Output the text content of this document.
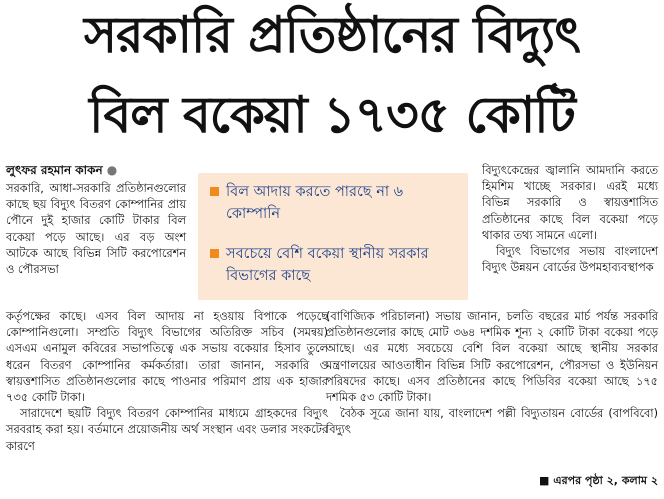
সরকারি প্রতিষ্ঠানের বিদ্যুৎ
বিল বকেয়া ১৭৩৫ কোটি
লুৎফর রহমান কাকন ●

সরকারি, আধা-সরকারি প্রতিষ্ঠানগুলোর কাছে ছয় বিদ্যুৎ বিতরণ কোম্পানির প্রায় পৌনে দুই হাজার কোটি টাকার বিল বকেয়া পড়ে আছে। এর বড় অংশ আটকে আছে বিভিন্ন সিটি করপোরেশন ও পৌরসভা

বিল আদায় করতে পারছে না ৬ কোম্পানি
সবচেয়ে বেশি বকেয়া স্থানীয় সরকার বিভাগের কাছে

বিদ্যুৎকেন্দ্রের জ্বালানি আমদানি করতে হিমশিম খাচ্ছে সরকার। এরই মধ্যে বিভিন্ন সরকারি ও স্বায়ত্তশাসিত প্রতিষ্ঠানের কাছে বিল বকেয়া পড়ে থাকার তথ্য সামনে এলো।

বিদ্যুৎ বিভাগের সভায় বাংলাদেশ বিদ্যুৎ উন্নয়ন বোর্ডের উপমহাব্যবস্থাপক

কর্তৃপক্ষের কাছে। এসব বিল আদায় না হওয়ায় বিপাকে পড়েছে কোম্পানিগুলো। সম্প্রতি বিদ্যুৎ বিভাগের অতিরিক্ত সচিব (সমন্বয়) এসএম এনামুল কবিরের সভাপতিত্বে এক সভায় বকেয়ার হিসাব তুলে ধরেন বিতরণ কোম্পানির কর্মকর্তারা। তারা জানান, সরকারি ও স্বায়ত্তশাসিত প্রতিষ্ঠানগুলোর কাছে পাওনার পরিমাণ প্রায় এক হাজার ৭৩৫ কোটি টাকা।

সারাদেশে ছয়টি বিদ্যুৎ বিতরণ কোম্পানির মাধ্যমে গ্রাহকদের বিদ্যুৎ সরবরাহ করা হয়। বর্তমানে প্রয়োজনীয় অর্থ সংস্থান এবং ডলার সংকটের কারণে

(বাণিজ্যিক পরিচালনা) সভায় জানান, চলতি বছরের মার্চ পর্যন্ত সরকারি প্রতিষ্ঠানগুলোর কাছে মোট ৩৬৪ দশমিক শূন্য ২ কোটি টাকা বকেয়া পড়ে আছে। এর মধ্যে সবচেয়ে বেশি বিল বকেয়া আছে স্থানীয় সরকার মন্ত্রণালয়ের আওতাধীন বিভিন্ন সিটি করপোরেশন, পৌরসভা ও ইউনিয়ন পরিষদের কাছে। এসব প্রতিষ্ঠানের কাছে পিডিবির বকেয়া আছে ১৭৫ দশমিক ৫৩ কোটি টাকা।

বৈঠক সূত্রে জানা যায়, বাংলাদেশ পল্লী বিদ্যুতায়ন বোর্ডের (বাপবিবো) বিদ্যুৎ

■ এরপর পৃষ্ঠা ২, কলাম ২
